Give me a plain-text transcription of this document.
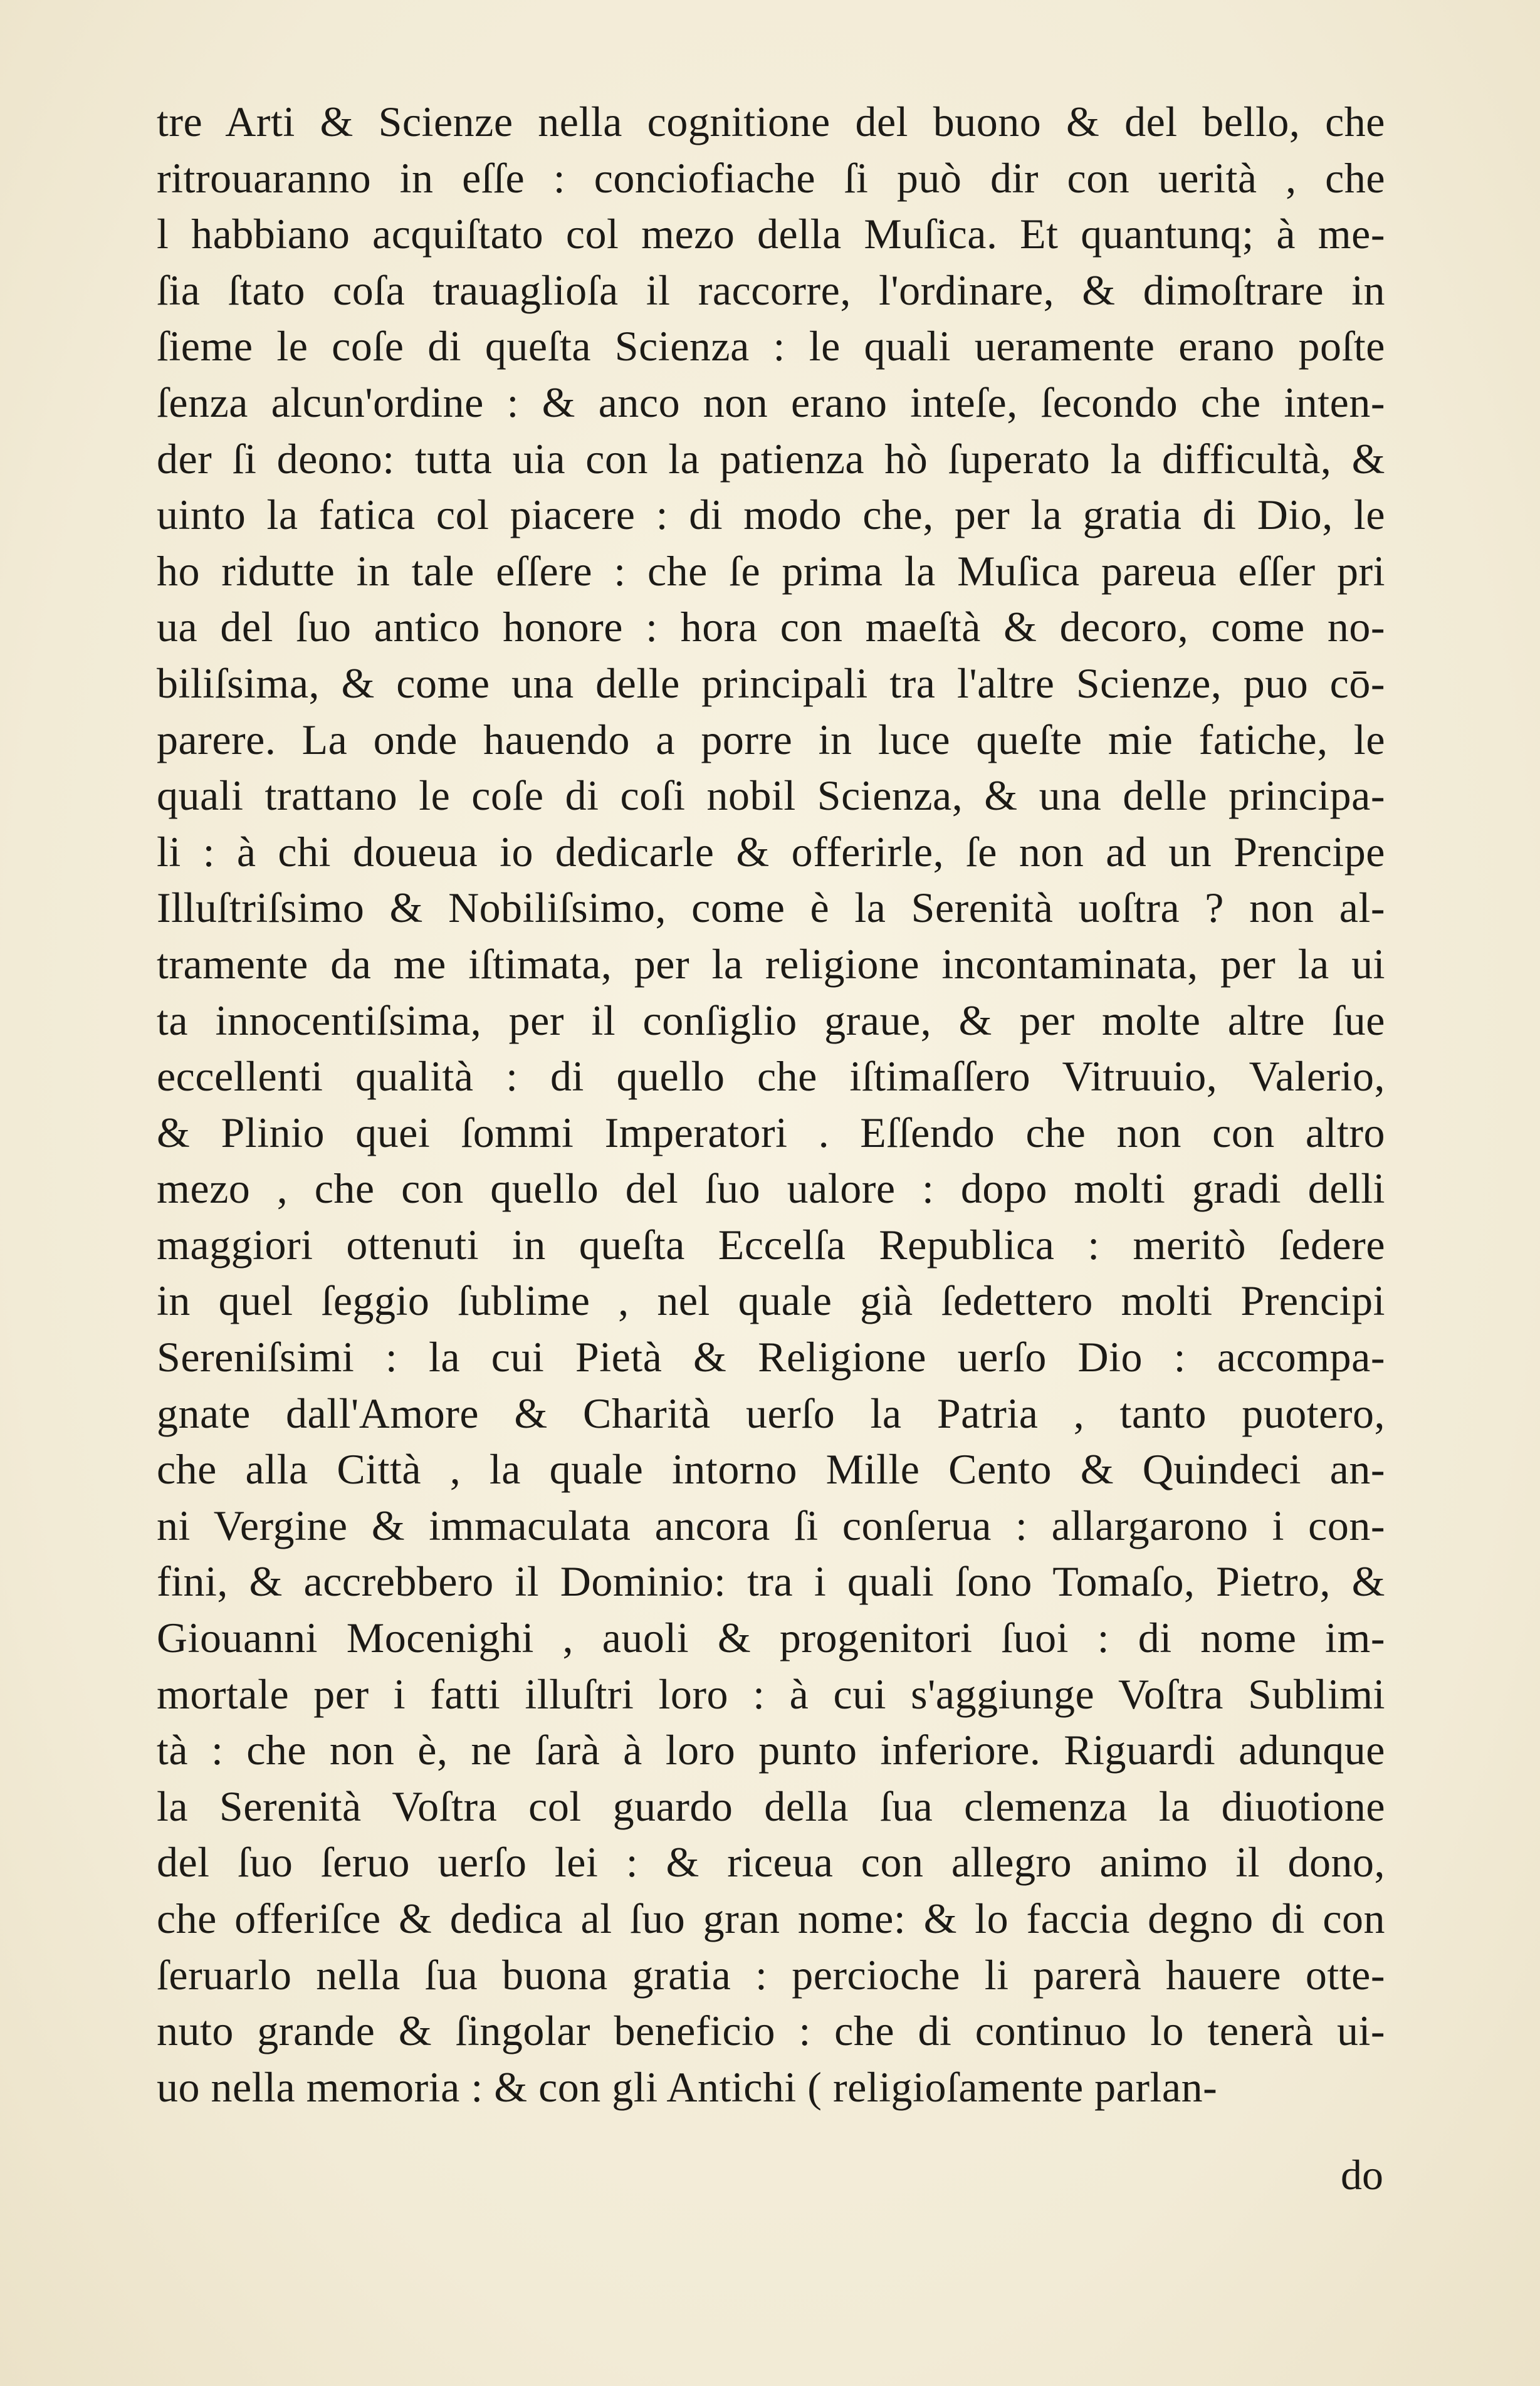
tre Arti & Scienze nella cognitione del buono & del bello, che
ritrouaranno in eſſe : conciofiache ſi può dir con uerità , che
l habbiano acquiſtato col mezo della Muſica. Et quantunq; à me-
ſia ſtato coſa trauaglioſa il raccorre, l'ordinare, & dimoſtrare in
ſieme le coſe di queſta Scienza : le quali ueramente erano poſte
ſenza alcun'ordine : & anco non erano inteſe, ſecondo che inten-
der ſi deono: tutta uia con la patienza hò ſuperato la difficultà, &
uinto la fatica col piacere : di modo che, per la gratia di Dio, le
ho ridutte in tale eſſere : che ſe prima la Muſica pareua eſſer pri
ua del ſuo antico honore : hora con maeſtà & decoro, come no-
biliſsima, & come una delle principali tra l'altre Scienze, puo cō-
parere. La onde hauendo a porre in luce queſte mie fatiche, le
quali trattano le coſe di coſi nobil Scienza, & una delle principa-
li : à chi doueua io dedicarle & offerirle, ſe non ad un Prencipe
Illuſtriſsimo & Nobiliſsimo, come è la Serenità uoſtra ? non al-
tramente da me iſtimata, per la religione incontaminata, per la ui
ta innocentiſsima, per il conſiglio graue, & per molte altre ſue
eccellenti qualità : di quello che iſtimaſſero Vitruuio, Valerio,
& Plinio quei ſommi Imperatori . Eſſendo che non con altro
mezo , che con quello del ſuo ualore : dopo molti gradi delli
maggiori ottenuti in queſta Eccelſa Republica : meritò ſedere
in quel ſeggio ſublime , nel quale già ſedettero molti Prencipi
Sereniſsimi : la cui Pietà & Religione uerſo Dio : accompa-
gnate dall'Amore & Charità uerſo la Patria , tanto puotero,
che alla Città , la quale intorno Mille Cento & Quindeci an-
ni Vergine & immaculata ancora ſi conſerua : allargarono i con-
fini, & accrebbero il Dominio: tra i quali ſono Tomaſo, Pietro, &
Giouanni Mocenighi , auoli & progenitori ſuoi : di nome im-
mortale per i fatti illuſtri loro : à cui s'aggiunge Voſtra Sublimi
tà : che non è, ne ſarà à loro punto inferiore. Riguardi adunque
la Serenità Voſtra col guardo della ſua clemenza la diuotione
del ſuo ſeruo uerſo lei : & riceua con allegro animo il dono,
che offeriſce & dedica al ſuo gran nome: & lo faccia degno di con
ſeruarlo nella ſua buona gratia : percioche li parerà hauere otte-
nuto grande & ſingolar beneficio : che di continuo lo tenerà ui-
uo nella memoria : & con gli Antichi ( religioſamente parlan-
do
